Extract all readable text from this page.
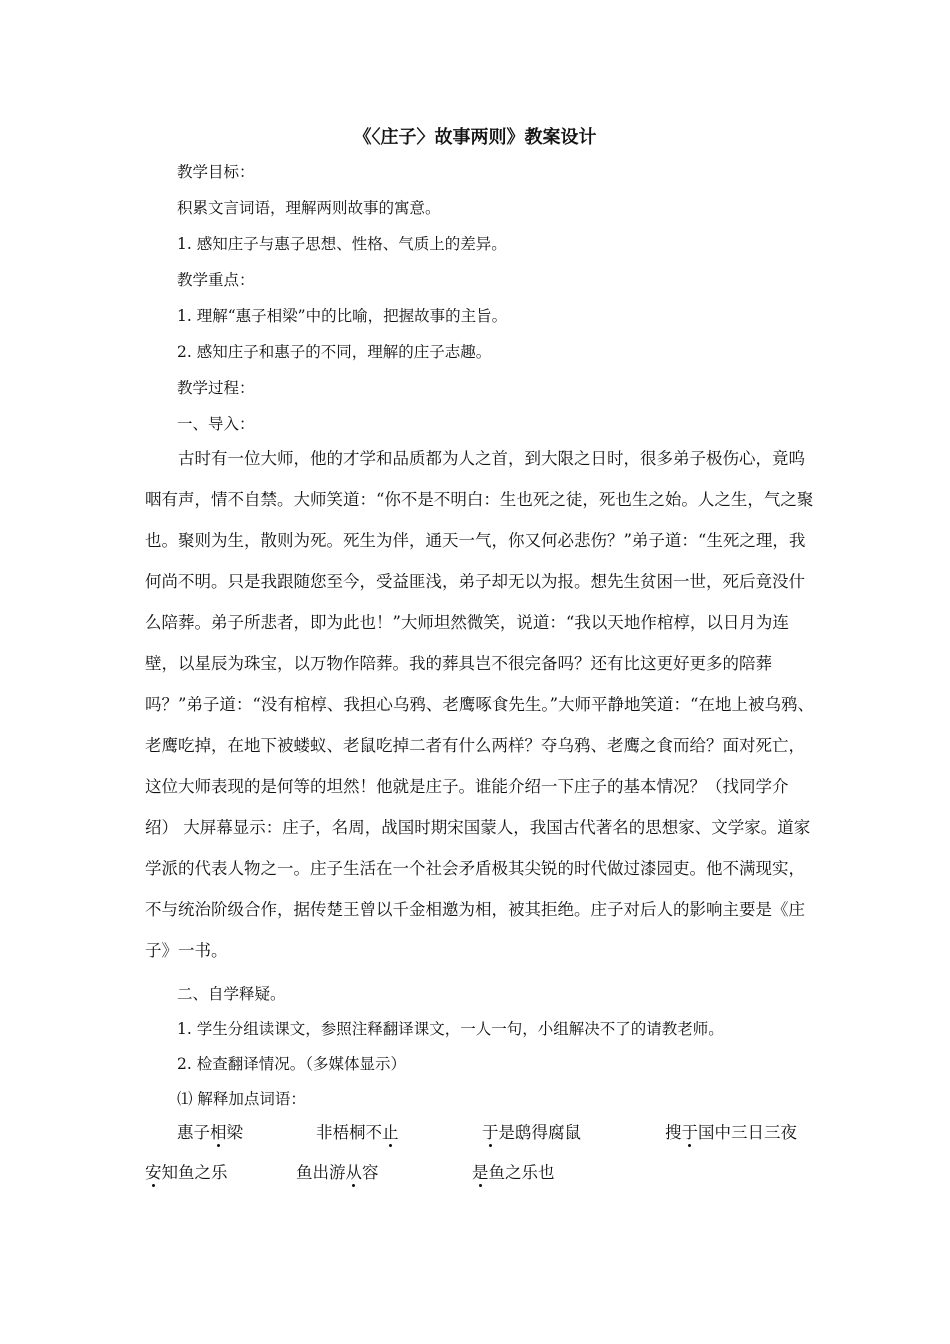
《〈庄子〉故事两则》教案设计
教学目标：
积累文言词语，理解两则故事的寓意。
1. 感知庄子与惠子思想、性格、气质上的差异。
教学重点：
1. 理解“惠子相梁”中的比喻，把握故事的主旨。
2. 感知庄子和惠子的不同，理解的庄子志趣。
教学过程：
一、导入：
古时有一位大师，他的才学和品质都为人之首，到大限之日时，很多弟子极伤心，竟呜咽有声，情不自禁。大师笑道：“你不是不明白：生也死之徒，死也生之始。人之生，气之聚也。聚则为生，散则为死。死生为伴，通天一气，你又何必悲伤？”弟子道：“生死之理，我何尚不明。只是我跟随您至今，受益匪浅，弟子却无以为报。想先生贫困一世，死后竟没什么陪葬。弟子所悲者，即为此也！”大师坦然微笑，说道：“我以天地作棺椁，以日月为连壁，以星辰为珠宝，以万物作陪葬。我的葬具岂不很完备吗？还有比这更好更多的陪葬吗？”弟子道：“没有棺椁、我担心乌鸦、老鹰啄食先生。”大师平静地笑道：“在地上被乌鸦、老鹰吃掉，在地下被蝼蚁、老鼠吃掉二者有什么两样？夺乌鸦、老鹰之食而给？面对死亡，这位大师表现的是何等的坦然！他就是庄子。谁能介绍一下庄子的基本情况？（找同学介绍） 大屏幕显示：庄子，名周，战国时期宋国蒙人，我国古代著名的思想家、文学家。道家学派的代表人物之一。庄子生活在一个社会矛盾极其尖锐的时代做过漆园吏。他不满现实，不与统治阶级合作，据传楚王曾以千金相邀为相，被其拒绝。庄子对后人的影响主要是《庄子》一书。
二、自学释疑。
1. 学生分组读课文，参照注释翻译课文，一人一句，小组解决不了的请教老师。
2. 检查翻译情况。（多媒体显示）
⑴ 解释加点词语：
惠子相梁	非梧桐不止	于是鸱得腐鼠	搜于国中三日三夜
安知鱼之乐	鱼出游从容	是鱼之乐也
